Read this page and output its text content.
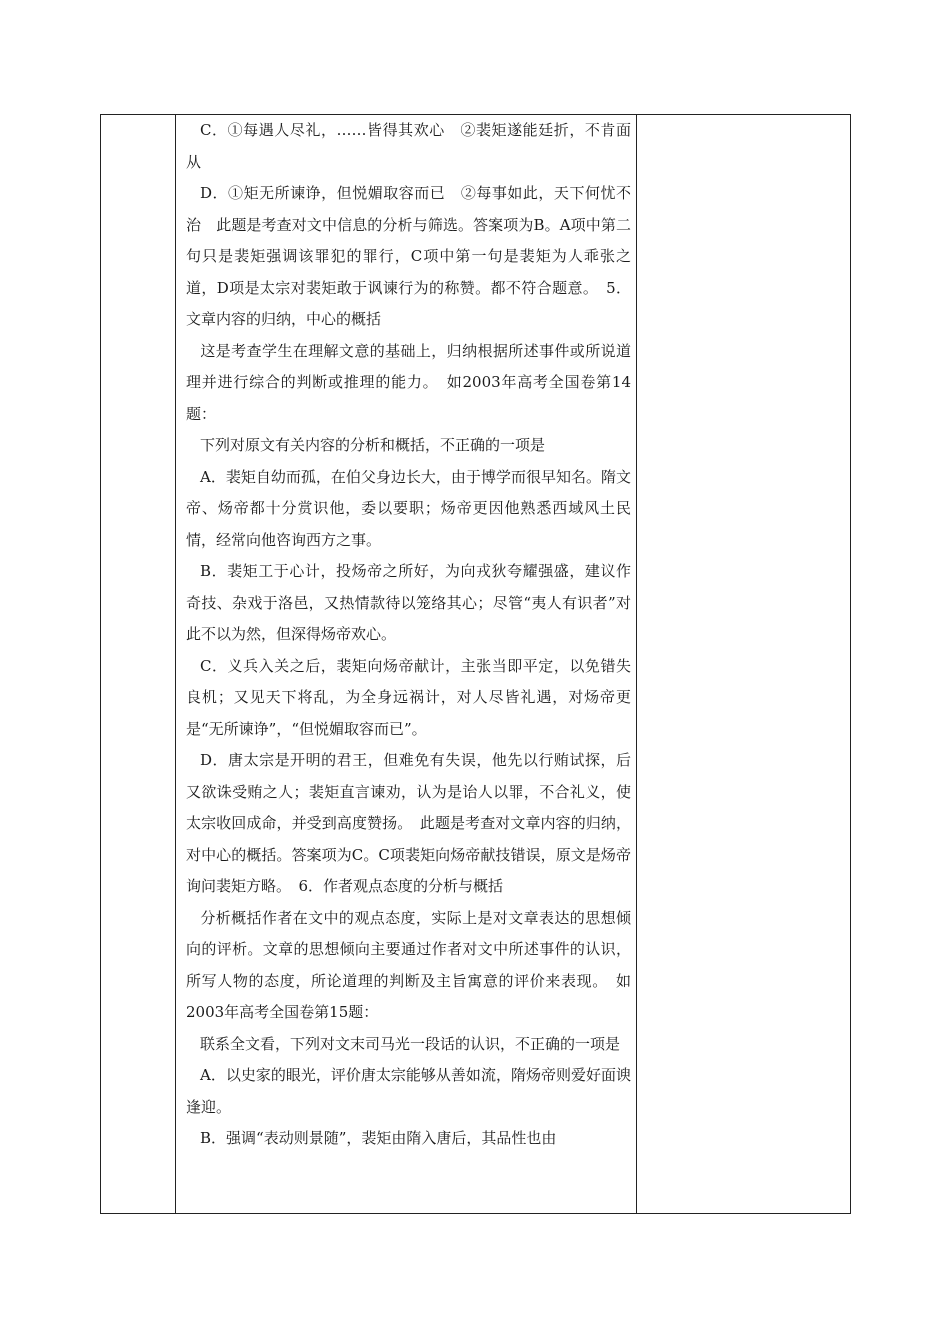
C．①每遇人尽礼，……皆得其欢心　②裴矩遂能廷折，不肯面从

D．①矩无所谏诤，但悦媚取容而已　②每事如此，天下何忧不治　此题是考查对文中信息的分析与筛选。答案项为B。A项中第二句只是裴矩强调该罪犯的罪行，C项中第一句是裴矩为人乖张之道，D项是太宗对裴矩敢于讽谏行为的称赞。都不符合题意。　5．文章内容的归纳，中心的概括

这是考查学生在理解文意的基础上，归纳根据所述事件或所说道理并进行综合的判断或推理的能力。　如2003年高考全国卷第14题：

下列对原文有关内容的分析和概括，不正确的一项是

A．裴矩自幼而孤，在伯父身边长大，由于博学而很早知名。隋文帝、炀帝都十分赏识他，委以要职；炀帝更因他熟悉西域风土民情，经常向他咨询西方之事。

B．裴矩工于心计，投炀帝之所好，为向戎狄夸耀强盛，建议作奇技、杂戏于洛邑，又热情款待以笼络其心；尽管“夷人有识者”对此不以为然，但深得炀帝欢心。

C．义兵入关之后，裴矩向炀帝献计，主张当即平定，以免错失良机；又见天下将乱，为全身远祸计，对人尽皆礼遇，对炀帝更是“无所谏诤”，“但悦媚取容而已”。

D．唐太宗是开明的君王，但难免有失误，他先以行贿试探，后又欲诛受贿之人；裴矩直言谏劝，认为是诒人以罪，不合礼义，使太宗收回成命，并受到高度赞扬。　此题是考查对文章内容的归纳，对中心的概括。答案项为C。C项裴矩向炀帝献技错误，原文是炀帝询问裴矩方略。　6．作者观点态度的分析与概括

分析概括作者在文中的观点态度，实际上是对文章表达的思想倾向的评析。文章的思想倾向主要通过作者对文中所述事件的认识，所写人物的态度，所论道理的判断及主旨寓意的评价来表现。　如2003年高考全国卷第15题：

联系全文看，下列对文末司马光一段话的认识，不正确的一项是

A．以史家的眼光，评价唐太宗能够从善如流，隋炀帝则爱好面谀逢迎。

B．强调“表动则景随”，裴矩由隋入唐后，其品性也由
